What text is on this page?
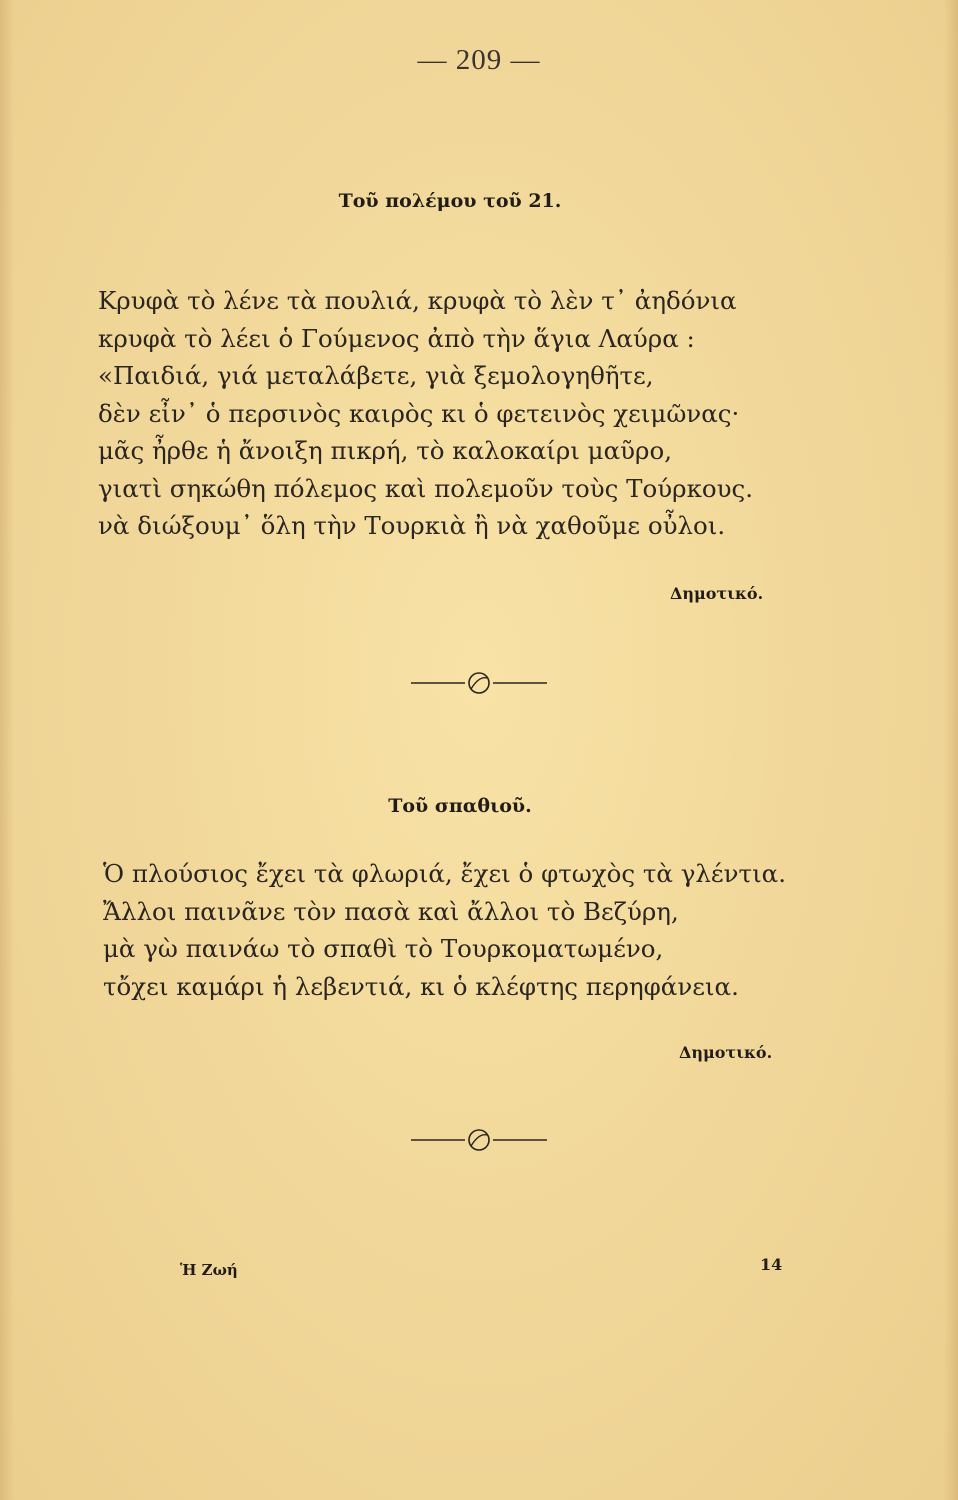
— 209 —
Τοῦ πολέμου τοῦ 21.
Κρυφὰ τὸ λένε τὰ πουλιά, κρυφὰ τὸ λὲν τ᾽ ἀηδόνια
κρυφὰ τὸ λέει ὁ Γούμενος ἀπὸ τὴν ἅγια Λαύρα :
«Παιδιά, γιά μεταλάβετε, γιὰ ξεμολογηθῆτε,
δὲν εἶν᾽ ὁ περσινὸς καιρὸς κι ὁ φετεινὸς χειμῶνας·
μᾶς ἦρθε ἡ ἄνοιξη πικρή, τὸ καλοκαίρι μαῦρο,
γιατὶ σηκώθη πόλεμος καὶ πολεμοῦν τοὺς Τούρκους.
νὰ διώξουμ᾽ ὅλη τὴν Τουρκιὰ ἢ νὰ χαθοῦμε οὖλοι.
Δημοτικό.
Τοῦ σπαθιοῦ.
Ὁ πλούσιος ἔχει τὰ φλωριά, ἔχει ὁ φτωχὸς τὰ γλέντια.
Ἄλλοι παινᾶνε τὸν πασὰ καὶ ἄλλοι τὸ Βεζύρη,
μὰ γὼ παινάω τὸ σπαθὶ τὸ Τουρκοματωμένο,
τὄχει καμάρι ἡ λεβεντιά, κι ὁ κλέφτης περηφάνεια.
Δημοτικό.
Ἡ Ζωή	14
